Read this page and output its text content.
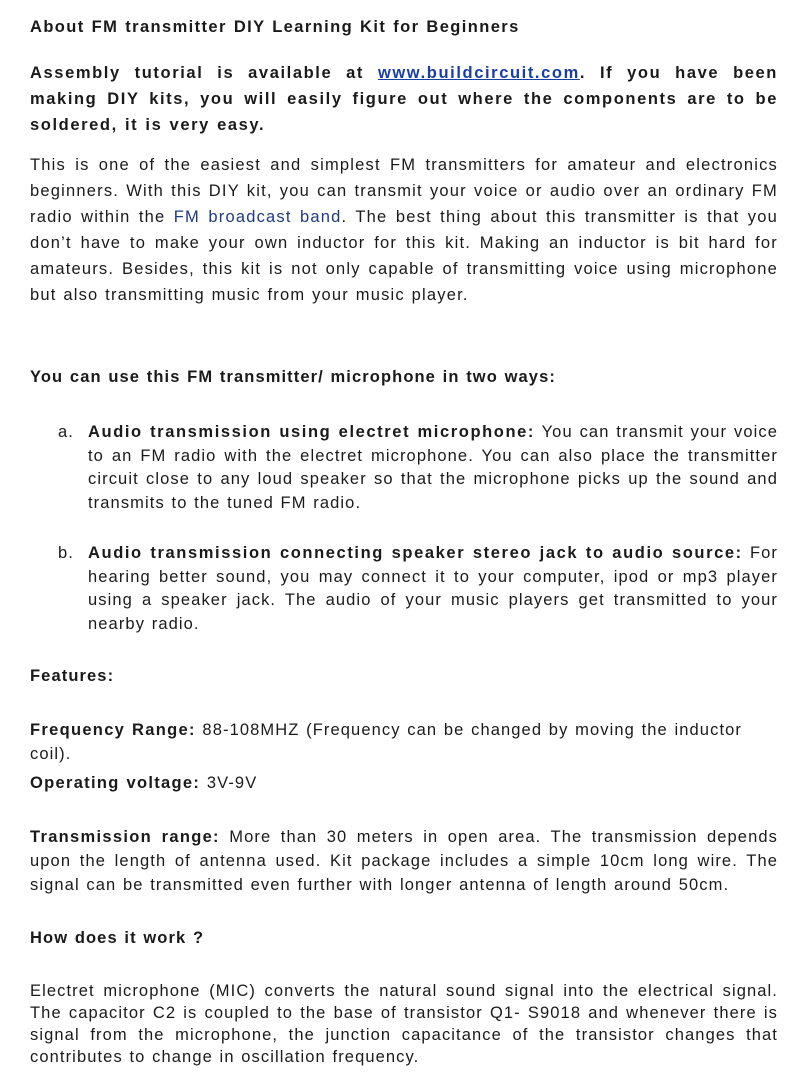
About FM transmitter DIY Learning Kit for Beginners
Assembly tutorial is available at www.buildcircuit.com. If you have been making DIY kits, you will easily figure out where the components are to be soldered, it is very easy.
This is one of the easiest and simplest FM transmitters for amateur and electronics beginners. With this DIY kit, you can transmit your voice or audio over an ordinary FM radio within the FM broadcast band. The best thing about this transmitter is that you don’t have to make your own inductor for this kit. Making an inductor is bit hard for amateurs. Besides, this kit is not only capable of transmitting voice using microphone but also transmitting music from your music player.
You can use this FM transmitter/ microphone in two ways:
a. Audio transmission using electret microphone: You can transmit your voice to an FM radio with the electret microphone. You can also place the transmitter circuit close to any loud speaker so that the microphone picks up the sound and transmits to the tuned FM radio.
b. Audio transmission connecting speaker stereo jack to audio source: For hearing better sound, you may connect it to your computer, ipod or mp3 player using a speaker jack. The audio of your music players get transmitted to your nearby radio.
Features:
Frequency Range: 88-108MHZ (Frequency can be changed by moving the inductor coil).
Operating voltage: 3V-9V
Transmission range: More than 30 meters in open area. The transmission depends upon the length of antenna used. Kit package includes a simple 10cm long wire. The signal can be transmitted even further with longer antenna of length around 50cm.
How does it work ?
Electret microphone (MIC) converts the natural sound signal into the electrical signal. The capacitor C2 is coupled to the base of transistor Q1- S9018 and whenever there is signal from the microphone, the junction capacitance of the transistor changes that contributes to change in oscillation frequency.
